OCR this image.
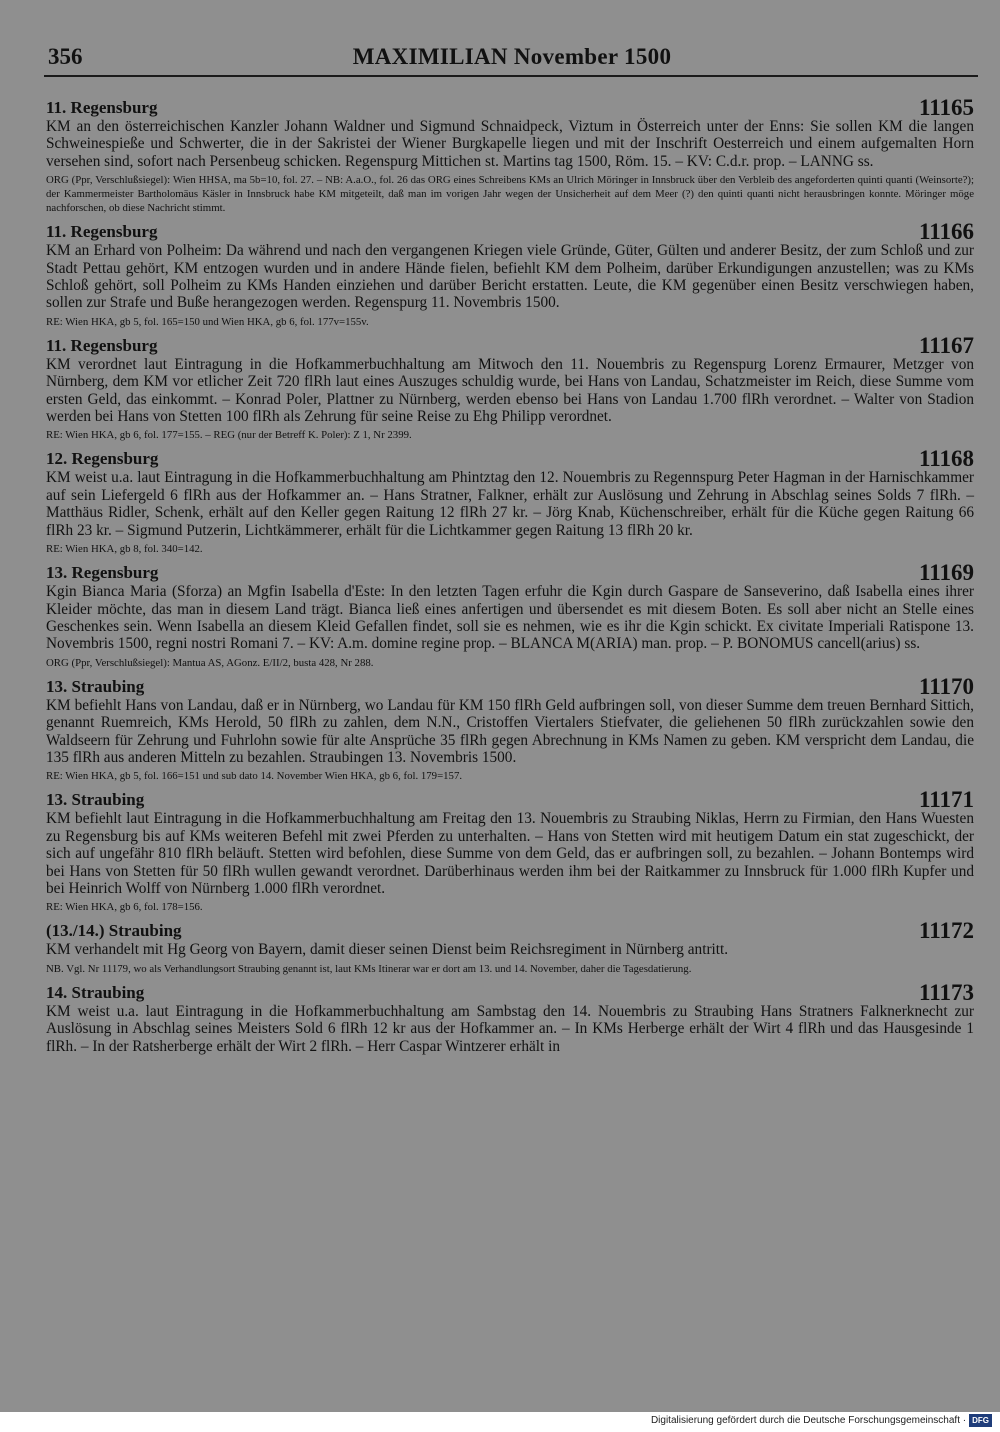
356	MAXIMILIAN November 1500
11. Regensburg	11165
KM an den österreichischen Kanzler Johann Waldner und Sigmund Schnaidpeck, Viztum in Österreich unter der Enns: Sie sollen KM die langen Schweinespieße und Schwerter, die in der Sakristei der Wiener Burgkapelle liegen und mit der Inschrift Oesterreich und einem aufgemalten Horn versehen sind, sofort nach Persenbeug schicken. Regenspurg Mittichen st. Martins tag 1500, Röm. 15. – KV: C.d.r. prop. – LANNG ss.
ORG (Ppr, Verschlußsiegel): Wien HHSA, ma 5b=10, fol. 27. – NB: A.a.O., fol. 26 das ORG eines Schreibens KMs an Ulrich Möringer in Innsbruck über den Verbleib des angeforderten quinti quanti (Weinsorte?); der Kammermeister Bartholomäus Käsler in Innsbruck habe KM mitgeteilt, daß man im vorigen Jahr wegen der Unsicherheit auf dem Meer (?) den quinti quanti nicht herausbringen konnte. Möringer möge nachforschen, ob diese Nachricht stimmt.
11. Regensburg	11166
KM an Erhard von Polheim: Da während und nach den vergangenen Kriegen viele Gründe, Güter, Gülten und anderer Besitz, der zum Schloß und zur Stadt Pettau gehört, KM entzogen wurden und in andere Hände fielen, befiehlt KM dem Polheim, darüber Erkundigungen anzustellen; was zu KMs Schloß gehört, soll Polheim zu KMs Handen einziehen und darüber Bericht erstatten. Leute, die KM gegenüber einen Besitz verschwiegen haben, sollen zur Strafe und Buße herangezogen werden. Regenspurg 11. Novembris 1500.
RE: Wien HKA, gb 5, fol. 165=150 und Wien HKA, gb 6, fol. 177v=155v.
11. Regensburg	11167
KM verordnet laut Eintragung in die Hofkammerbuchhaltung am Mitwoch den 11. Nouembris zu Regenspurg Lorenz Ermaurer, Metzger von Nürnberg, dem KM vor etlicher Zeit 720 flRh laut eines Auszuges schuldig wurde, bei Hans von Landau, Schatzmeister im Reich, diese Summe vom ersten Geld, das einkommt. – Konrad Poler, Plattner zu Nürnberg, werden ebenso bei Hans von Landau 1.700 flRh verordnet. – Walter von Stadion werden bei Hans von Stetten 100 flRh als Zehrung für seine Reise zu Ehg Philipp verordnet.
RE: Wien HKA, gb 6, fol. 177=155. – REG (nur der Betreff K. Poler): Z 1, Nr 2399.
12. Regensburg	11168
KM weist u.a. laut Eintragung in die Hofkammerbuchhaltung am Phintztag den 12. Nouembris zu Regennspurg Peter Hagman in der Harnischkammer auf sein Liefergeld 6 flRh aus der Hofkammer an. – Hans Stratner, Falkner, erhält zur Auslösung und Zehrung in Abschlag seines Solds 7 flRh. – Matthäus Ridler, Schenk, erhält auf den Keller gegen Raitung 12 flRh 27 kr. – Jörg Knab, Küchenschreiber, erhält für die Küche gegen Raitung 66 flRh 23 kr. – Sigmund Putzerin, Lichtkämmerer, erhält für die Lichtkammer gegen Raitung 13 flRh 20 kr.
RE: Wien HKA, gb 8, fol. 340=142.
13. Regensburg	11169
Kgin Bianca Maria (Sforza) an Mgfin Isabella d'Este: In den letzten Tagen erfuhr die Kgin durch Gaspare de Sanseverino, daß Isabella eines ihrer Kleider möchte, das man in diesem Land trägt. Bianca ließ eines anfertigen und übersendet es mit diesem Boten. Es soll aber nicht an Stelle eines Geschenkes sein. Wenn Isabella an diesem Kleid Gefallen findet, soll sie es nehmen, wie es ihr die Kgin schickt. Ex civitate Imperiali Ratispone 13. Novembris 1500, regni nostri Romani 7. – KV: A.m. domine regine prop. – BLANCA M(ARIA) man. prop. – P. BONOMUS cancell(arius) ss.
ORG (Ppr, Verschlußsiegel): Mantua AS, AGonz. E/II/2, busta 428, Nr 288.
13. Straubing	11170
KM befiehlt Hans von Landau, daß er in Nürnberg, wo Landau für KM 150 flRh Geld aufbringen soll, von dieser Summe dem treuen Bernhard Sittich, genannt Ruemreich, KMs Herold, 50 flRh zu zahlen, dem N.N., Cristoffen Viertalers Stiefvater, die geliehenen 50 flRh zurückzahlen sowie den Waldseern für Zehrung und Fuhrlohn sowie für alte Ansprüche 35 flRh gegen Abrechnung in KMs Namen zu geben. KM verspricht dem Landau, die 135 flRh aus anderen Mitteln zu bezahlen. Straubingen 13. Novembris 1500.
RE: Wien HKA, gb 5, fol. 166=151 und sub dato 14. November Wien HKA, gb 6, fol. 179=157.
13. Straubing	11171
KM befiehlt laut Eintragung in die Hofkammerbuchhaltung am Freitag den 13. Nouembris zu Straubing Niklas, Herrn zu Firmian, den Hans Wuesten zu Regensburg bis auf KMs weiteren Befehl mit zwei Pferden zu unterhalten. – Hans von Stetten wird mit heutigem Datum ein stat zugeschickt, der sich auf ungefähr 810 flRh beläuft. Stetten wird befohlen, diese Summe von dem Geld, das er aufbringen soll, zu bezahlen. – Johann Bontemps wird bei Hans von Stetten für 50 flRh wullen gewandt verordnet. Darüberhinaus werden ihm bei der Raitkammer zu Innsbruck für 1.000 flRh Kupfer und bei Heinrich Wolff von Nürnberg 1.000 flRh verordnet.
RE: Wien HKA, gb 6, fol. 178=156.
(13./14.) Straubing	11172
KM verhandelt mit Hg Georg von Bayern, damit dieser seinen Dienst beim Reichsregiment in Nürnberg antritt.
NB. Vgl. Nr 11179, wo als Verhandlungsort Straubing genannt ist, laut KMs Itinerar war er dort am 13. und 14. November, daher die Tagesdatierung.
14. Straubing	11173
KM weist u.a. laut Eintragung in die Hofkammerbuchhaltung am Sambstag den 14. Nouembris zu Straubing Hans Stratners Falknerknecht zur Auslösung in Abschlag seines Meisters Sold 6 flRh 12 kr aus der Hofkammer an. – In KMs Herberge erhält der Wirt 4 flRh und das Hausgesinde 1 flRh. – In der Ratsherberge erhält der Wirt 2 flRh. – Herr Caspar Wintzerer erhält in
Digitalisierung gefördert durch die Deutsche Forschungsgemeinschaft · DFG
